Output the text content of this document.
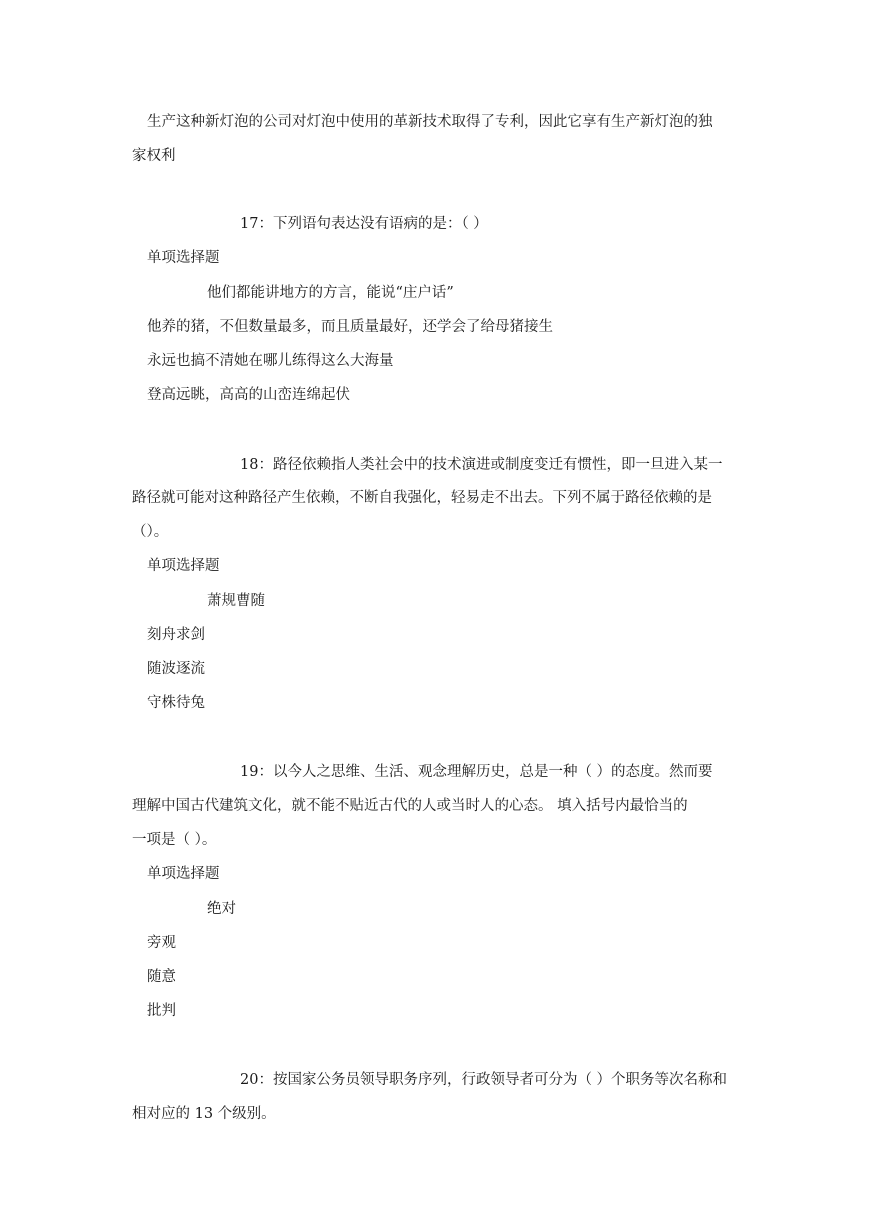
生产这种新灯泡的公司对灯泡中使用的革新技术取得了专利，因此它享有生产新灯泡的独
家权利
17：下列语句表达没有语病的是：（ ）
单项选择题
他们都能讲地方的方言，能说“庄户话”
他养的猪，不但数量最多，而且质量最好，还学会了给母猪接生
永远也搞不清她在哪儿练得这么大海量
登高远眺，高高的山峦连绵起伏
18：路径依赖指人类社会中的技术演进或制度变迁有惯性，即一旦进入某一
路径就可能对这种路径产生依赖，不断自我强化，轻易走不出去。下列不属于路径依赖的是
（）。
单项选择题
萧规曹随
刻舟求剑
随波逐流
守株待兔
19：以今人之思维、生活、观念理解历史，总是一种（ ）的态度。然而要
理解中国古代建筑文化，就不能不贴近古代的人或当时人的心态。 填入括号内最恰当的
一项是（ ）。
单项选择题
绝对
旁观
随意
批判
20：按国家公务员领导职务序列，行政领导者可分为（ ）个职务等次名称和
相对应的 13 个级别。
